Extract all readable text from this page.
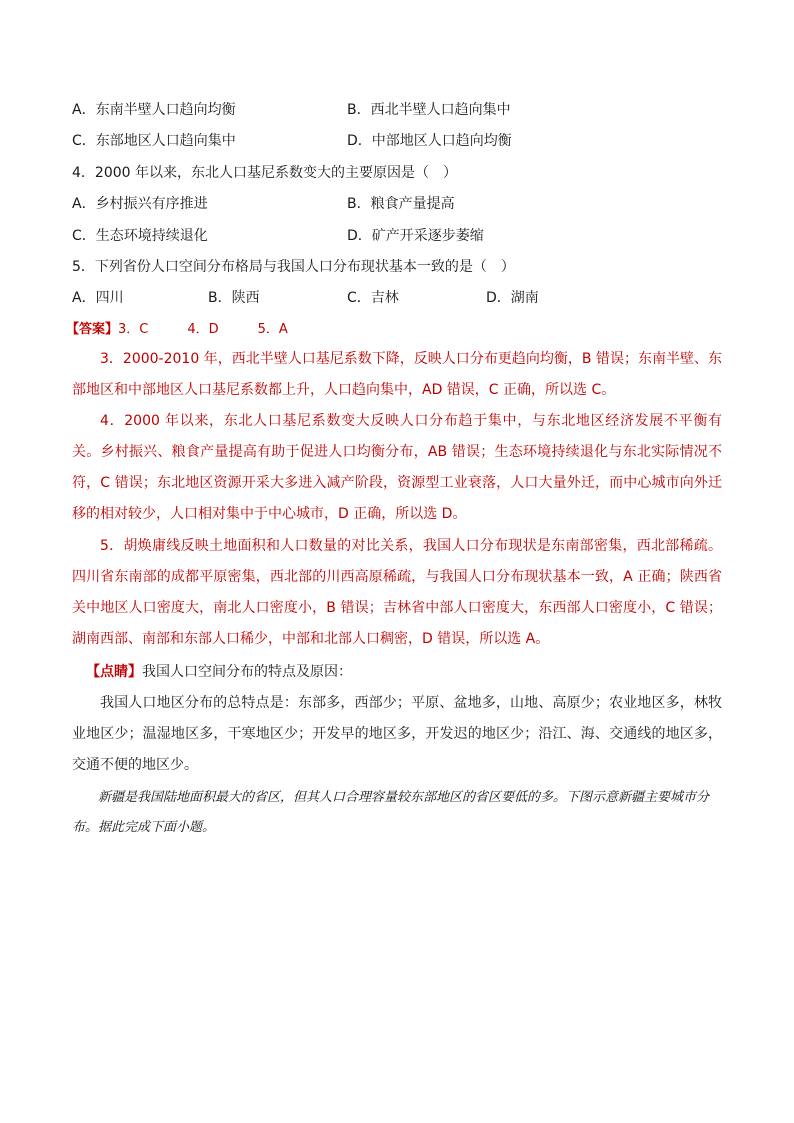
A．东南半壁人口趋向均衡	B．西北半壁人口趋向集中
C．东部地区人口趋向集中	D．中部地区人口趋向均衡
4．2000 年以来，东北人口基尼系数变大的主要原因是（　）
A．乡村振兴有序推进	B．粮食产量提高
C．生态环境持续退化	D．矿产开采逐步萎缩
5．下列省份人口空间分布格局与我国人口分布现状基本一致的是（　）
A．四川	B．陕西	C．吉林	D．湖南
【答案】3．C　　　4．D　　　5．A
3．2000-2010 年，西北半壁人口基尼系数下降，反映人口分布更趋向均衡，B 错误；东南半壁、东部地区和中部地区人口基尼系数都上升，人口趋向集中，AD 错误，C 正确，所以选 C。
4．2000 年以来，东北人口基尼系数变大反映人口分布趋于集中，与东北地区经济发展不平衡有关。乡村振兴、粮食产量提高有助于促进人口均衡分布，AB 错误；生态环境持续退化与东北实际情况不符，C 错误；东北地区资源开采大多进入减产阶段，资源型工业衰落，人口大量外迁，而中心城市向外迁移的相对较少，人口相对集中于中心城市，D 正确，所以选 D。
5．胡焕庸线反映土地面积和人口数量的对比关系，我国人口分布现状是东南部密集，西北部稀疏。四川省东南部的成都平原密集，西北部的川西高原稀疏，与我国人口分布现状基本一致，A 正确；陕西省关中地区人口密度大，南北人口密度小，B 错误；吉林省中部人口密度大，东西部人口密度小，C 错误；湖南西部、南部和东部人口稀少，中部和北部人口稠密，D 错误，所以选 A。
【点睛】我国人口空间分布的特点及原因：
我国人口地区分布的总特点是：东部多，西部少；平原、盆地多，山地、高原少；农业地区多，林牧业地区少；温湿地区多，干寒地区少；开发早的地区多，开发迟的地区少；沿江、海、交通线的地区多，交通不便的地区少。
新疆是我国陆地面积最大的省区，但其人口合理容量较东部地区的省区要低的多。下图示意新疆主要城市分布。据此完成下面小题。
